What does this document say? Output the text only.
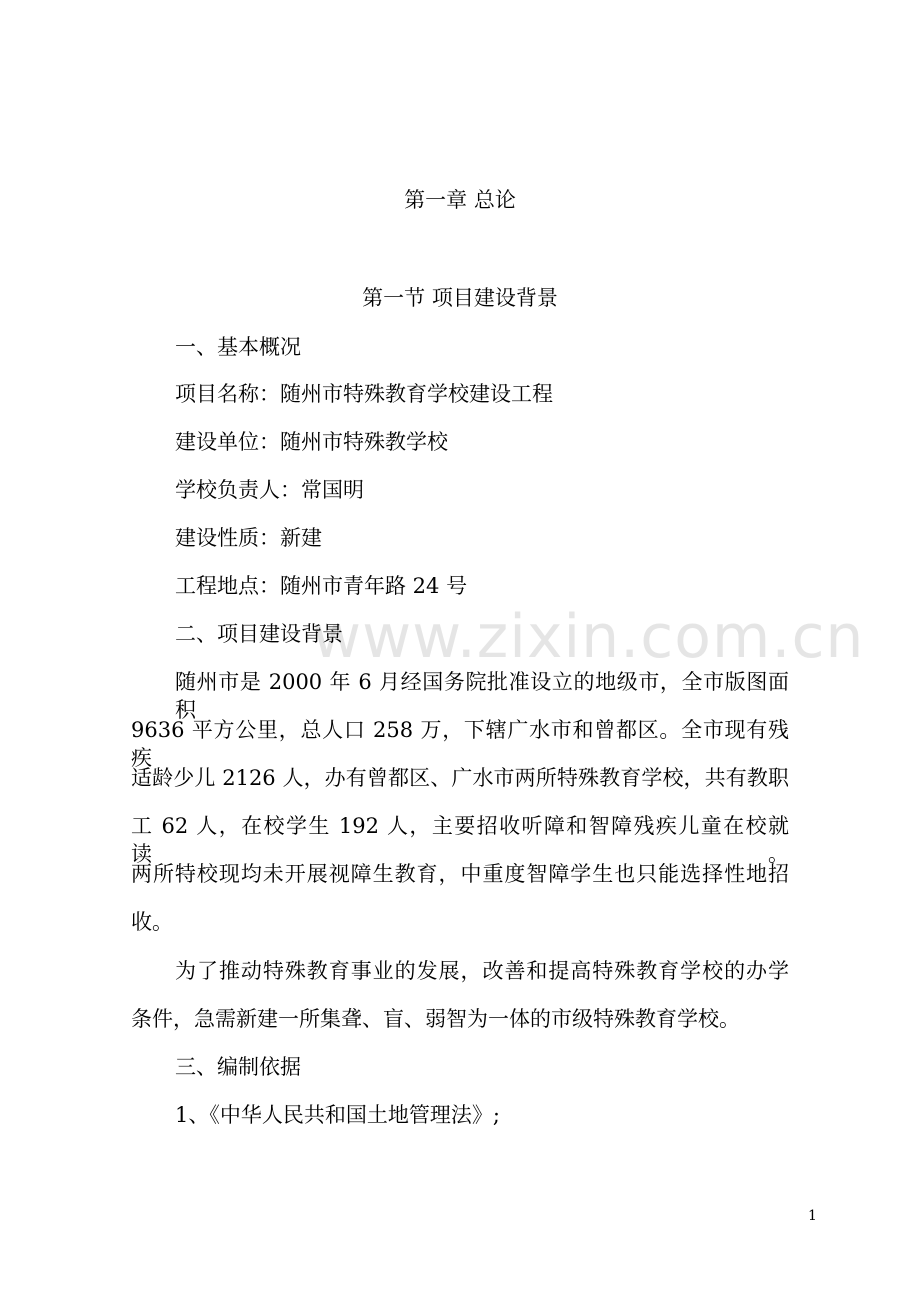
www.zixin.com.cn
第一章 总论
第一节 项目建设背景
一、基本概况
项目名称：随州市特殊教育学校建设工程
建设单位：随州市特殊教学校
学校负责人：常国明
建设性质：新建
工程地点：随州市青年路 24 号
二、项目建设背景
随州市是 2000 年 6 月经国务院批准设立的地级市，全市版图面积
9636 平方公里，总人口 258 万，下辖广水市和曾都区。全市现有残疾
适龄少儿 2126 人，办有曾都区、广水市两所特殊教育学校，共有教职
工 62 人，在校学生 192 人，主要招收听障和智障残疾儿童在校就读。
两所特校现均未开展视障生教育，中重度智障学生也只能选择性地招
收。
为了推动特殊教育事业的发展，改善和提高特殊教育学校的办学
条件，急需新建一所集聋、盲、弱智为一体的市级特殊教育学校。
三、编制依据
1、《中华人民共和国土地管理法》;
1
